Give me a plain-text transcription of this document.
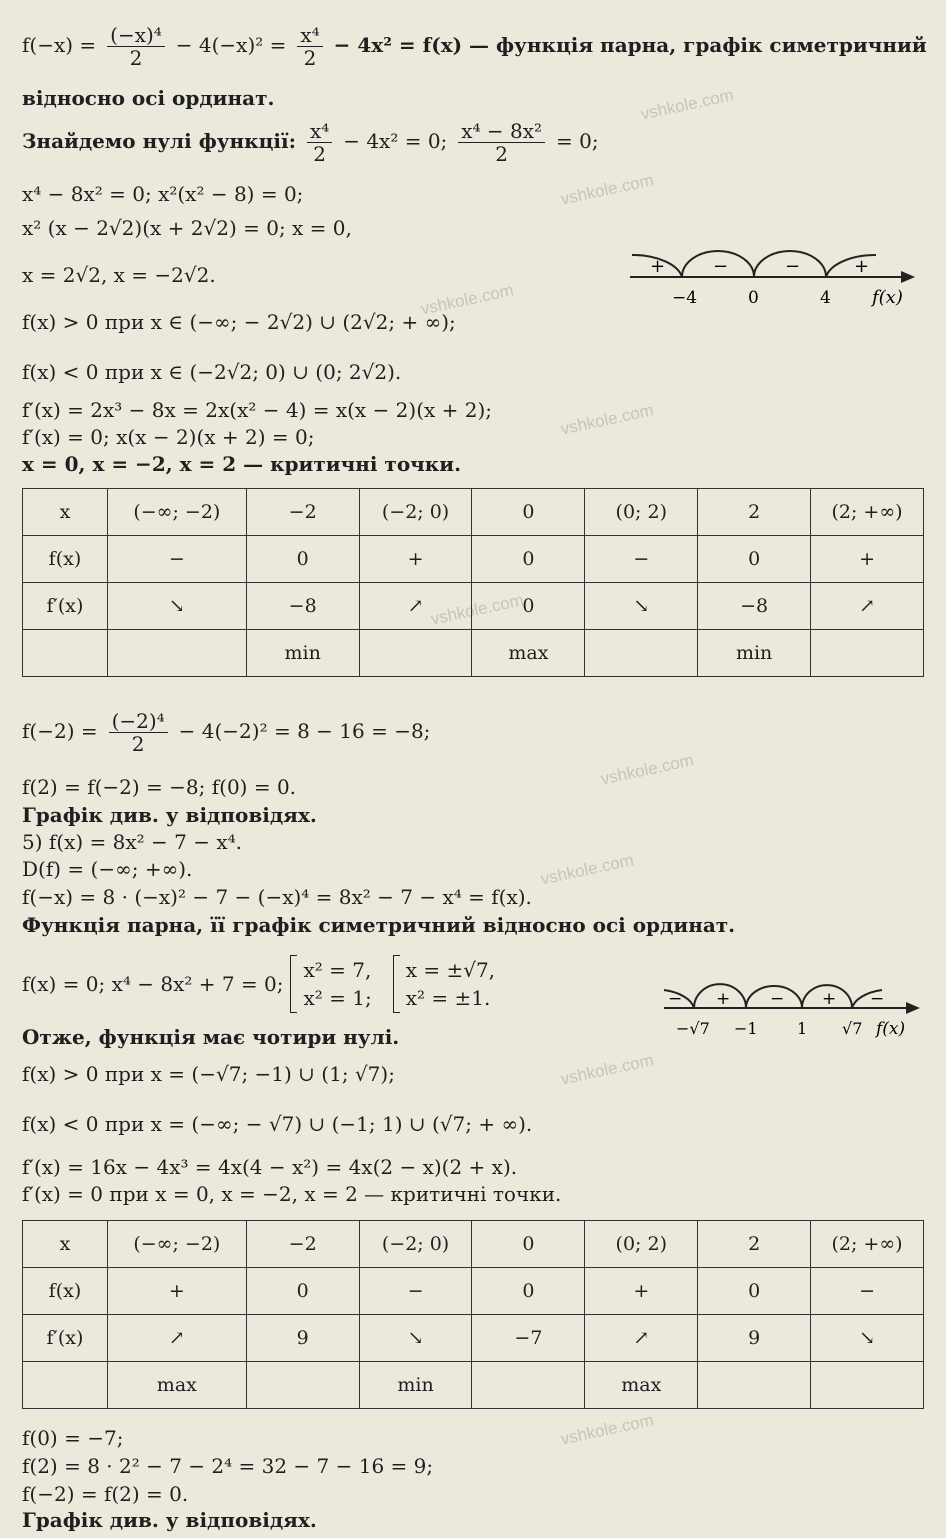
vshkole.com
vshkole.com
vshkole.com
vshkole.com
vshkole.com
vshkole.com
vshkole.com
vshkole.com
vshkole.com
$f(-x) = \frac{\text{(−x)⁴}}{2} - 4(-x)^2 = \frac{\text{x⁴}}{2} - 4x^2 = f(x)$ — функція парна, графік симетричний
відносно осі ординат.
Знайдемо нулі функції: $\frac{\text{x⁴}}{2} - 4x^2 = 0$; $\frac{\text{x⁴ − 8x²}}{2} = 0$;
x⁴ − 8x² = 0; x²(x² − 8) = 0;
x² (x − 2√2)(x + 2√2) = 0; x = 0,
x = 2√2, x = −2√2.	+	−	−	+
−4	0	4 f(x)
f(x) > 0 при x ∈ (−∞; − 2√2) ∪ (2√2; + ∞);
f(x) < 0 при x ∈ (−2√2; 0) ∪ (0; 2√2).
f′(x) = 2x³ − 8x = 2x(x² − 4) = x(x − 2)(x + 2);
f′(x) = 0; x(x − 2)(x + 2) = 0;
x = 0, x = −2, x = 2 — критичні точки.
x	(−∞; −2)	−2	(−2; 0)	0	(0; 2)	2	(2; +∞)
f(x)	−	0	+	0	−	0	+
f′(x)	↘	−8	↗	0	↘	−8	↗
		min		max		min	
$f(-2) = \frac{\text{(−2)⁴}}{2} - 4(-2)^2 = 8 - 16 = -8$;
f(2) = f(−2) = −8; f(0) = 0.
Графік див. у відповідях.
5) f(x) = 8x² − 7 − x⁴.
D(f) = (−∞; +∞).
f(−x) = 8 · (−x)² − 7 − (−x)⁴ = 8x² − 7 − x⁴ = f(x).
Функція парна, її графік симетричний відносно осі ординат.
f(x) = 0; x⁴ − 8x² + 7 = 0;
x² = 7,
x² = 1;

x = ±√7,
x² = ±1.	− + − + −
−√7 −1 1 √7 f(x)
Отже, функція має чотири нулі.
f(x) > 0 при x = (−√7; −1) ∪ (1; √7);
f(x) < 0 при x = (−∞; − √7) ∪ (−1; 1) ∪ (√7; + ∞).
f′(x) = 16x − 4x³ = 4x(4 − x²) = 4x(2 − x)(2 + x).
f′(x) = 0 при x = 0, x = −2, x = 2 — критичні точки.
x	(−∞; −2)	−2	(−2; 0)	0	(0; 2)	2	(2; +∞)
f(x)	+	0	−	0	+	0	−
f′(x)	↗	9	↘	−7	↗	9	↘
	max		min		max		
f(0) = −7;
f(2) = 8 · 2² − 7 − 2⁴ = 32 − 7 − 16 = 9;
f(−2) = f(2) = 0.
Графік див. у відповідях.
